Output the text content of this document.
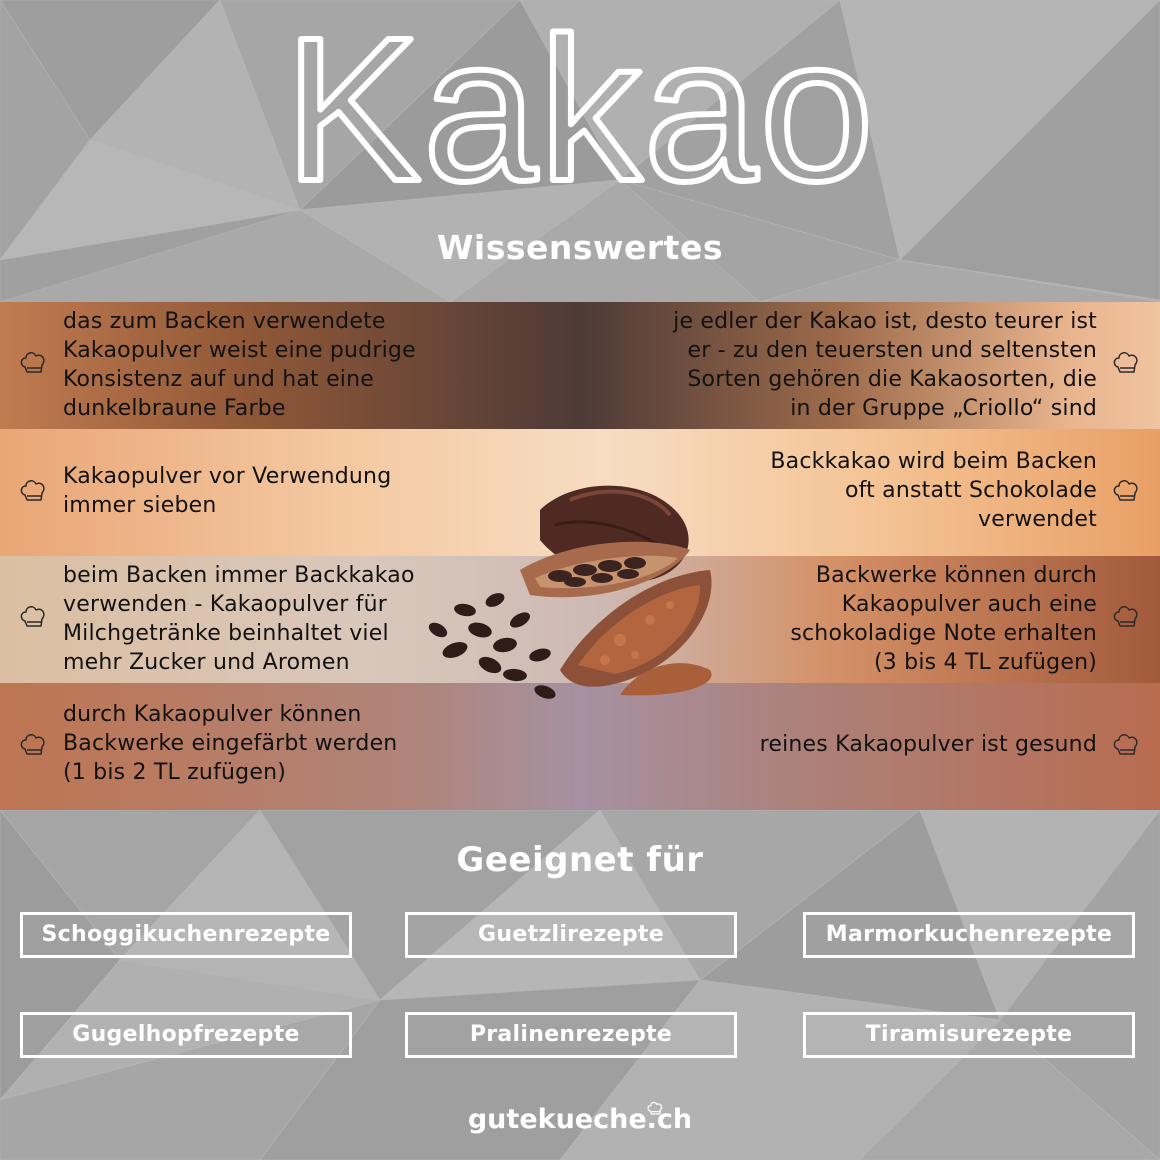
Kakao
Wissenswertes
das zum Backen verwendete
Kakaopulver weist eine pudrige
Konsistenz auf und hat eine
dunkelbraune Farbe
Kakaopulver vor Verwendung
immer sieben
beim Backen immer Backkakao
verwenden - Kakaopulver für
Milchgetränke beinhaltet viel
mehr Zucker und Aromen
durch Kakaopulver können
Backwerke eingefärbt werden
(1 bis 2 TL zufügen)
je edler der Kakao ist, desto teurer ist
er - zu den teuersten und seltensten
Sorten gehören die Kakaosorten, die
in der Gruppe „Criollo“ sind
Backkakao wird beim Backen
oft anstatt Schokolade
verwendet
Backwerke können durch
Kakaopulver auch eine
schokoladige Note erhalten
(3 bis 4 TL zufügen)
reines Kakaopulver ist gesund
Geeignet für
Schoggikuchenrezepte	Guetzlirezepte	Marmorkuchenrezepte
Gugelhopfrezepte	Pralinenrezepte	Tiramisurezepte
gutekueche.ch
